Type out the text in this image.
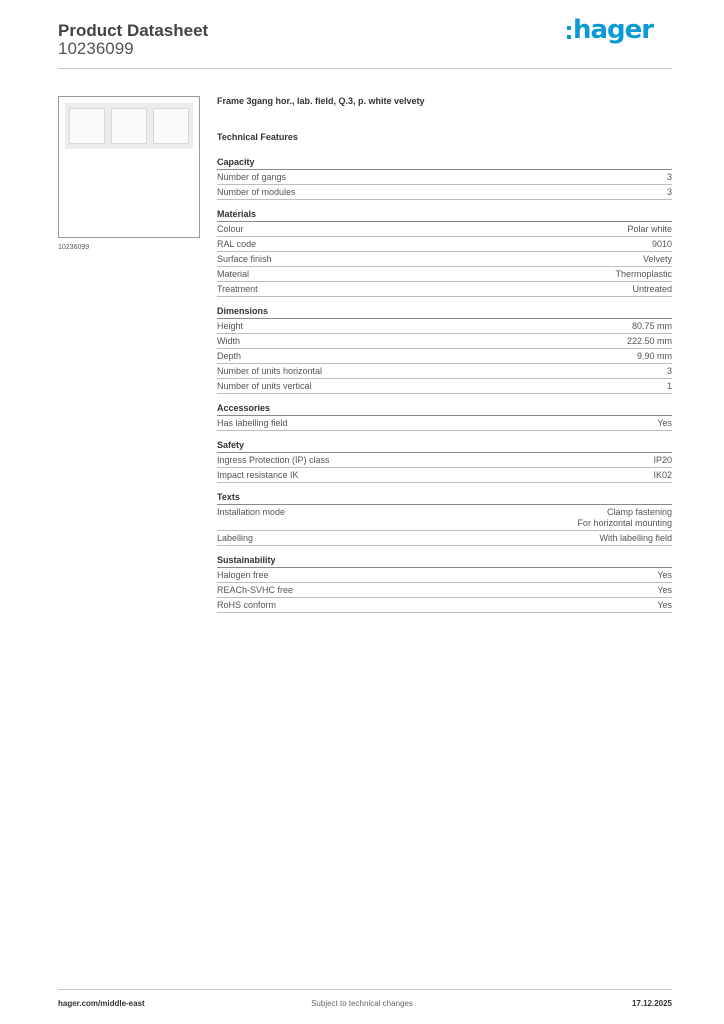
Product Datasheet
10236099
hager
10236099

Frame 3gang hor., lab. field, Q.3, p. white velvety

Technical Features

Capacity
Number of gangs	3
Number of modules	3
Materials
Colour	Polar white
RAL code	9010
Surface finish	Velvety
Material	Thermoplastic
Treatment	Untreated
Dimensions
Height	80.75 mm
Width	222.50 mm
Depth	9.90 mm
Number of units horizontal	3
Number of units vertical	1
Accessories
Has labelling field	Yes
Safety
Ingress Protection (IP) class	IP20
Impact resistance IK	IK02
Texts
Installation mode	Clamp fastening
For horizontal mounting
Labelling	With labelling field
Sustainability
Halogen free	Yes
REACh-SVHC free	Yes
RoHS conform	Yes
hager.com/middle-east	Subject to technical changes	17.12.2025
